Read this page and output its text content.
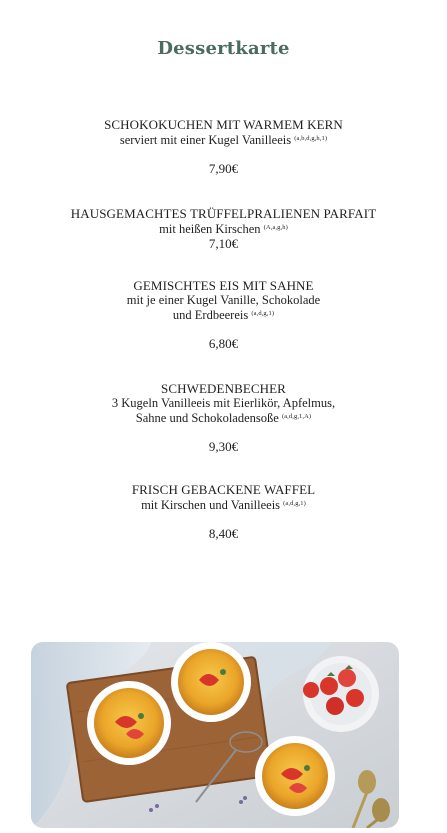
Dessertkarte
SCHOKOKUCHEN MIT WARMEM KERN
serviert mit einer Kugel Vanilleeis $^{(a,b,d,g,h,1)}$
7,90€
HAUSGEMACHTES TRÜFFELPRALIENEN PARFAIT
mit heißen Kirschen $^{(A,a,g,h)}$
7,10€
GEMISCHTES EIS MIT SAHNE
mit je einer Kugel Vanille, Schokolade
und Erdbeereis $^{(a,d,g,1)}$
6,80€
SCHWEDENBECHER
3 Kugeln Vanilleeis mit Eierlikör, Apfelmus,
Sahne und Schokoladensoße $^{(a,d,g,1,A)}$
9,30€
FRISCH GEBACKENE WAFFEL
mit Kirschen und Vanilleeis $^{(a,d,g,1)}$
8,40€
